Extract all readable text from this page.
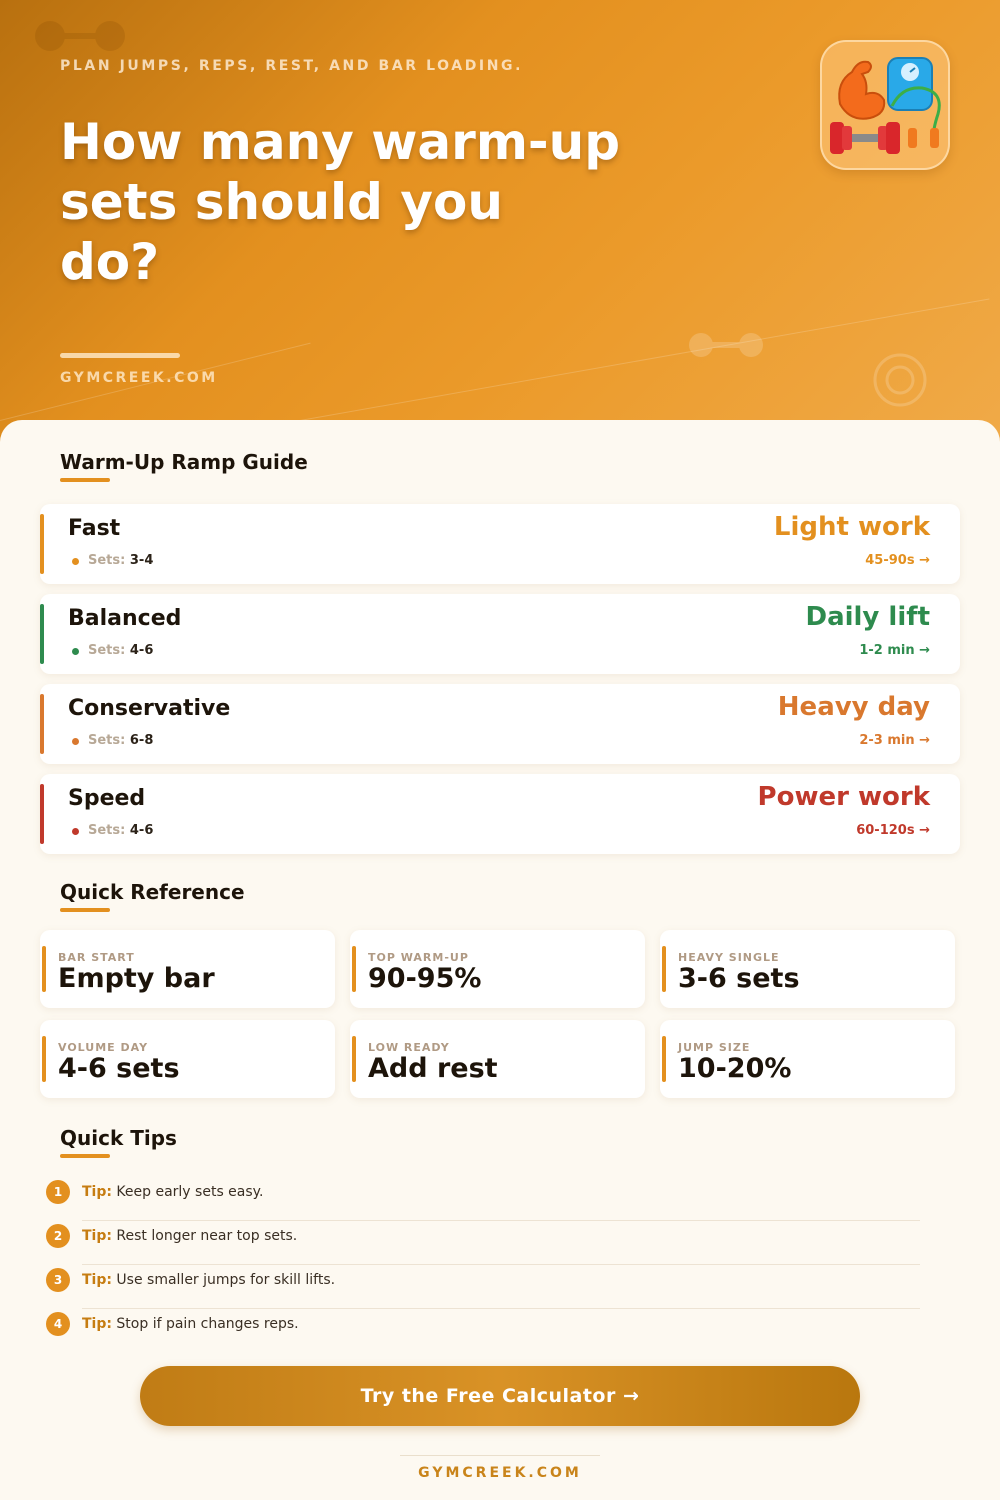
PLAN JUMPS, REPS, REST, AND BAR LOADING.
How many warm-up
sets should you
do?
GYMCREEK.COM
Warm-Up Ramp Guide
Fast
Sets: 3-4
Light work
45-90s →
Balanced
Sets: 4-6
Daily lift
1-2 min →
Conservative
Sets: 6-8
Heavy day
2-3 min →
Speed
Sets: 4-6
Power work
60-120s →
Quick Reference
BAR START
Empty bar
TOP WARM-UP
90-95%
HEAVY SINGLE
3-6 sets
VOLUME DAY
4-6 sets
LOW READY
Add rest
JUMP SIZE
10-20%
Quick Tips
1	Tip: Keep early sets easy.
2	Tip: Rest longer near top sets.
3	Tip: Use smaller jumps for skill lifts.
4	Tip: Stop if pain changes reps.
Try the Free Calculator →
GYMCREEK.COM
